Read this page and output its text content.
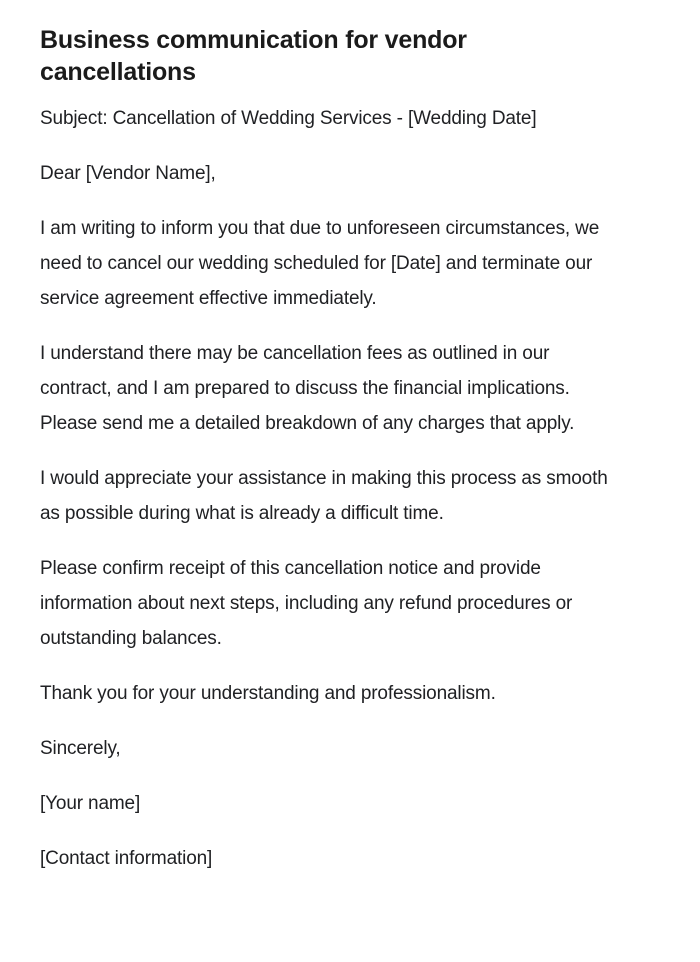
Business communication for vendor cancellations

Subject: Cancellation of Wedding Services - [Wedding Date]

Dear [Vendor Name],

I am writing to inform you that due to unforeseen circumstances, we need to cancel our wedding scheduled for [Date] and terminate our service agreement effective immediately.

I understand there may be cancellation fees as outlined in our contract, and I am prepared to discuss the financial implications. Please send me a detailed breakdown of any charges that apply.

I would appreciate your assistance in making this process as smooth as possible during what is already a difficult time.

Please confirm receipt of this cancellation notice and provide information about next steps, including any refund procedures or outstanding balances.

Thank you for your understanding and professionalism.

Sincerely,

[Your name]

[Contact information]
